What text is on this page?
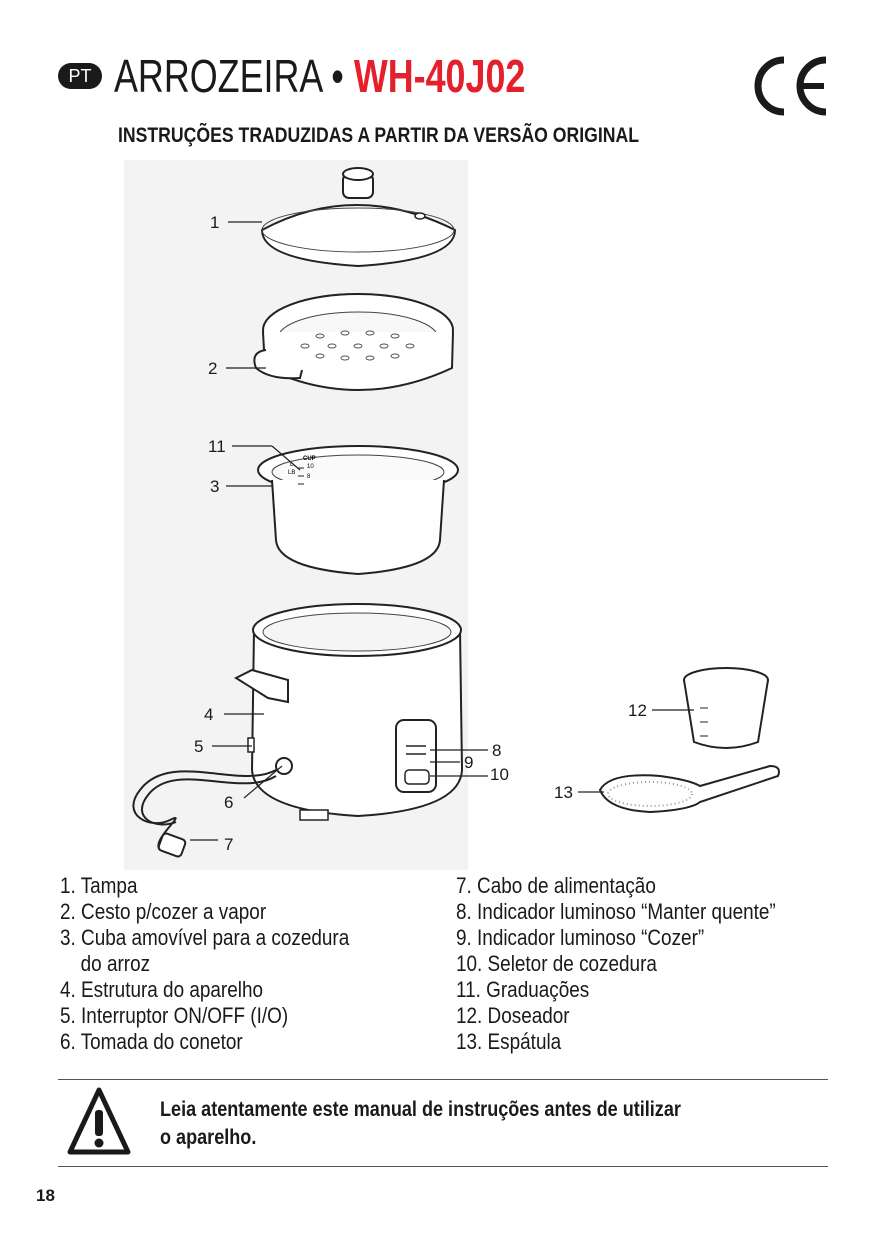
PT ARROZEIRA • WH-40J02
INSTRUÇÕES TRADUZIDAS A PARTIR DA VERSÃO ORIGINAL
CUP
L
LB
10
8
1
2
11
3
4
5
6
7
8
9
10
12
13
1. Tampa
2. Cesto p/cozer a vapor
3. Cuba amovível para a cozedura
do arroz
4. Estrutura do aparelho
5. Interruptor ON/OFF (I/O)
6. Tomada do conetor
7. Cabo de alimentação
8. Indicador luminoso “Manter quente”
9. Indicador luminoso “Cozer”
10. Seletor de cozedura
11. Graduações
12. Doseador
13. Espátula
Leia atentamente este manual de instruções antes de utilizar
o aparelho.
18
